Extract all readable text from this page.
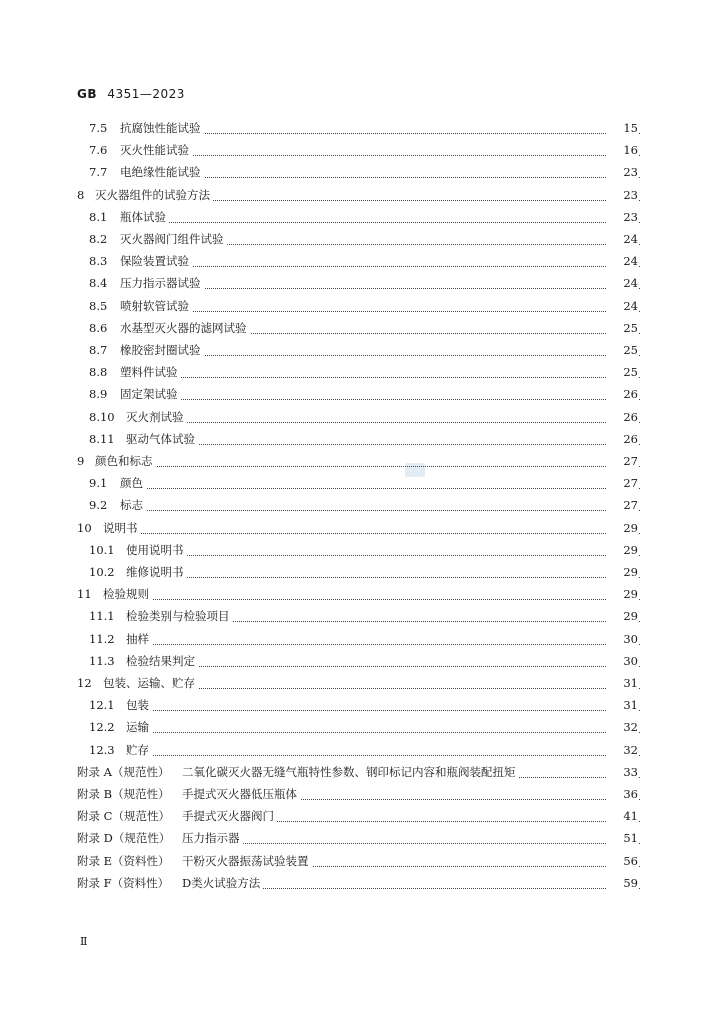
GB 4351—2023
7.5 抗腐蚀性能试验	15
7.6 灭火性能试验	16
7.7 电绝缘性能试验	23
8 灭火器组件的试验方法	23
8.1 瓶体试验	23
8.2 灭火器阀门组件试验	24
8.3 保险装置试验	24
8.4 压力指示器试验	24
8.5 喷射软管试验	24
8.6 水基型灭火器的滤网试验	25
8.7 橡胶密封圈试验	25
8.8 塑料件试验	25
8.9 固定架试验	26
8.10 灭火剂试验	26
8.11 驱动气体试验	26
9 颜色和标志	27
9.1 颜色	27
9.2 标志	27
10 说明书	29
10.1 使用说明书	29
10.2 维修说明书	29
11 检验规则	29
11.1 检验类别与检验项目	29
11.2 抽样	30
11.3 检验结果判定	30
12 包装、运输、贮存	31
12.1 包装	31
12.2 运输	32
12.3 贮存	32
附录 A（规范性） 二氧化碳灭火器无缝气瓶特性参数、钢印标记内容和瓶阀装配扭矩	33
附录 B（规范性） 手提式灭火器低压瓶体	36
附录 C（规范性） 手提式灭火器阀门	41
附录 D（规范性） 压力指示器	51
附录 E（资料性） 干粉灭火器振荡试验装置	56
附录 F（资料性） D类火试验方法	59
Ⅱ
